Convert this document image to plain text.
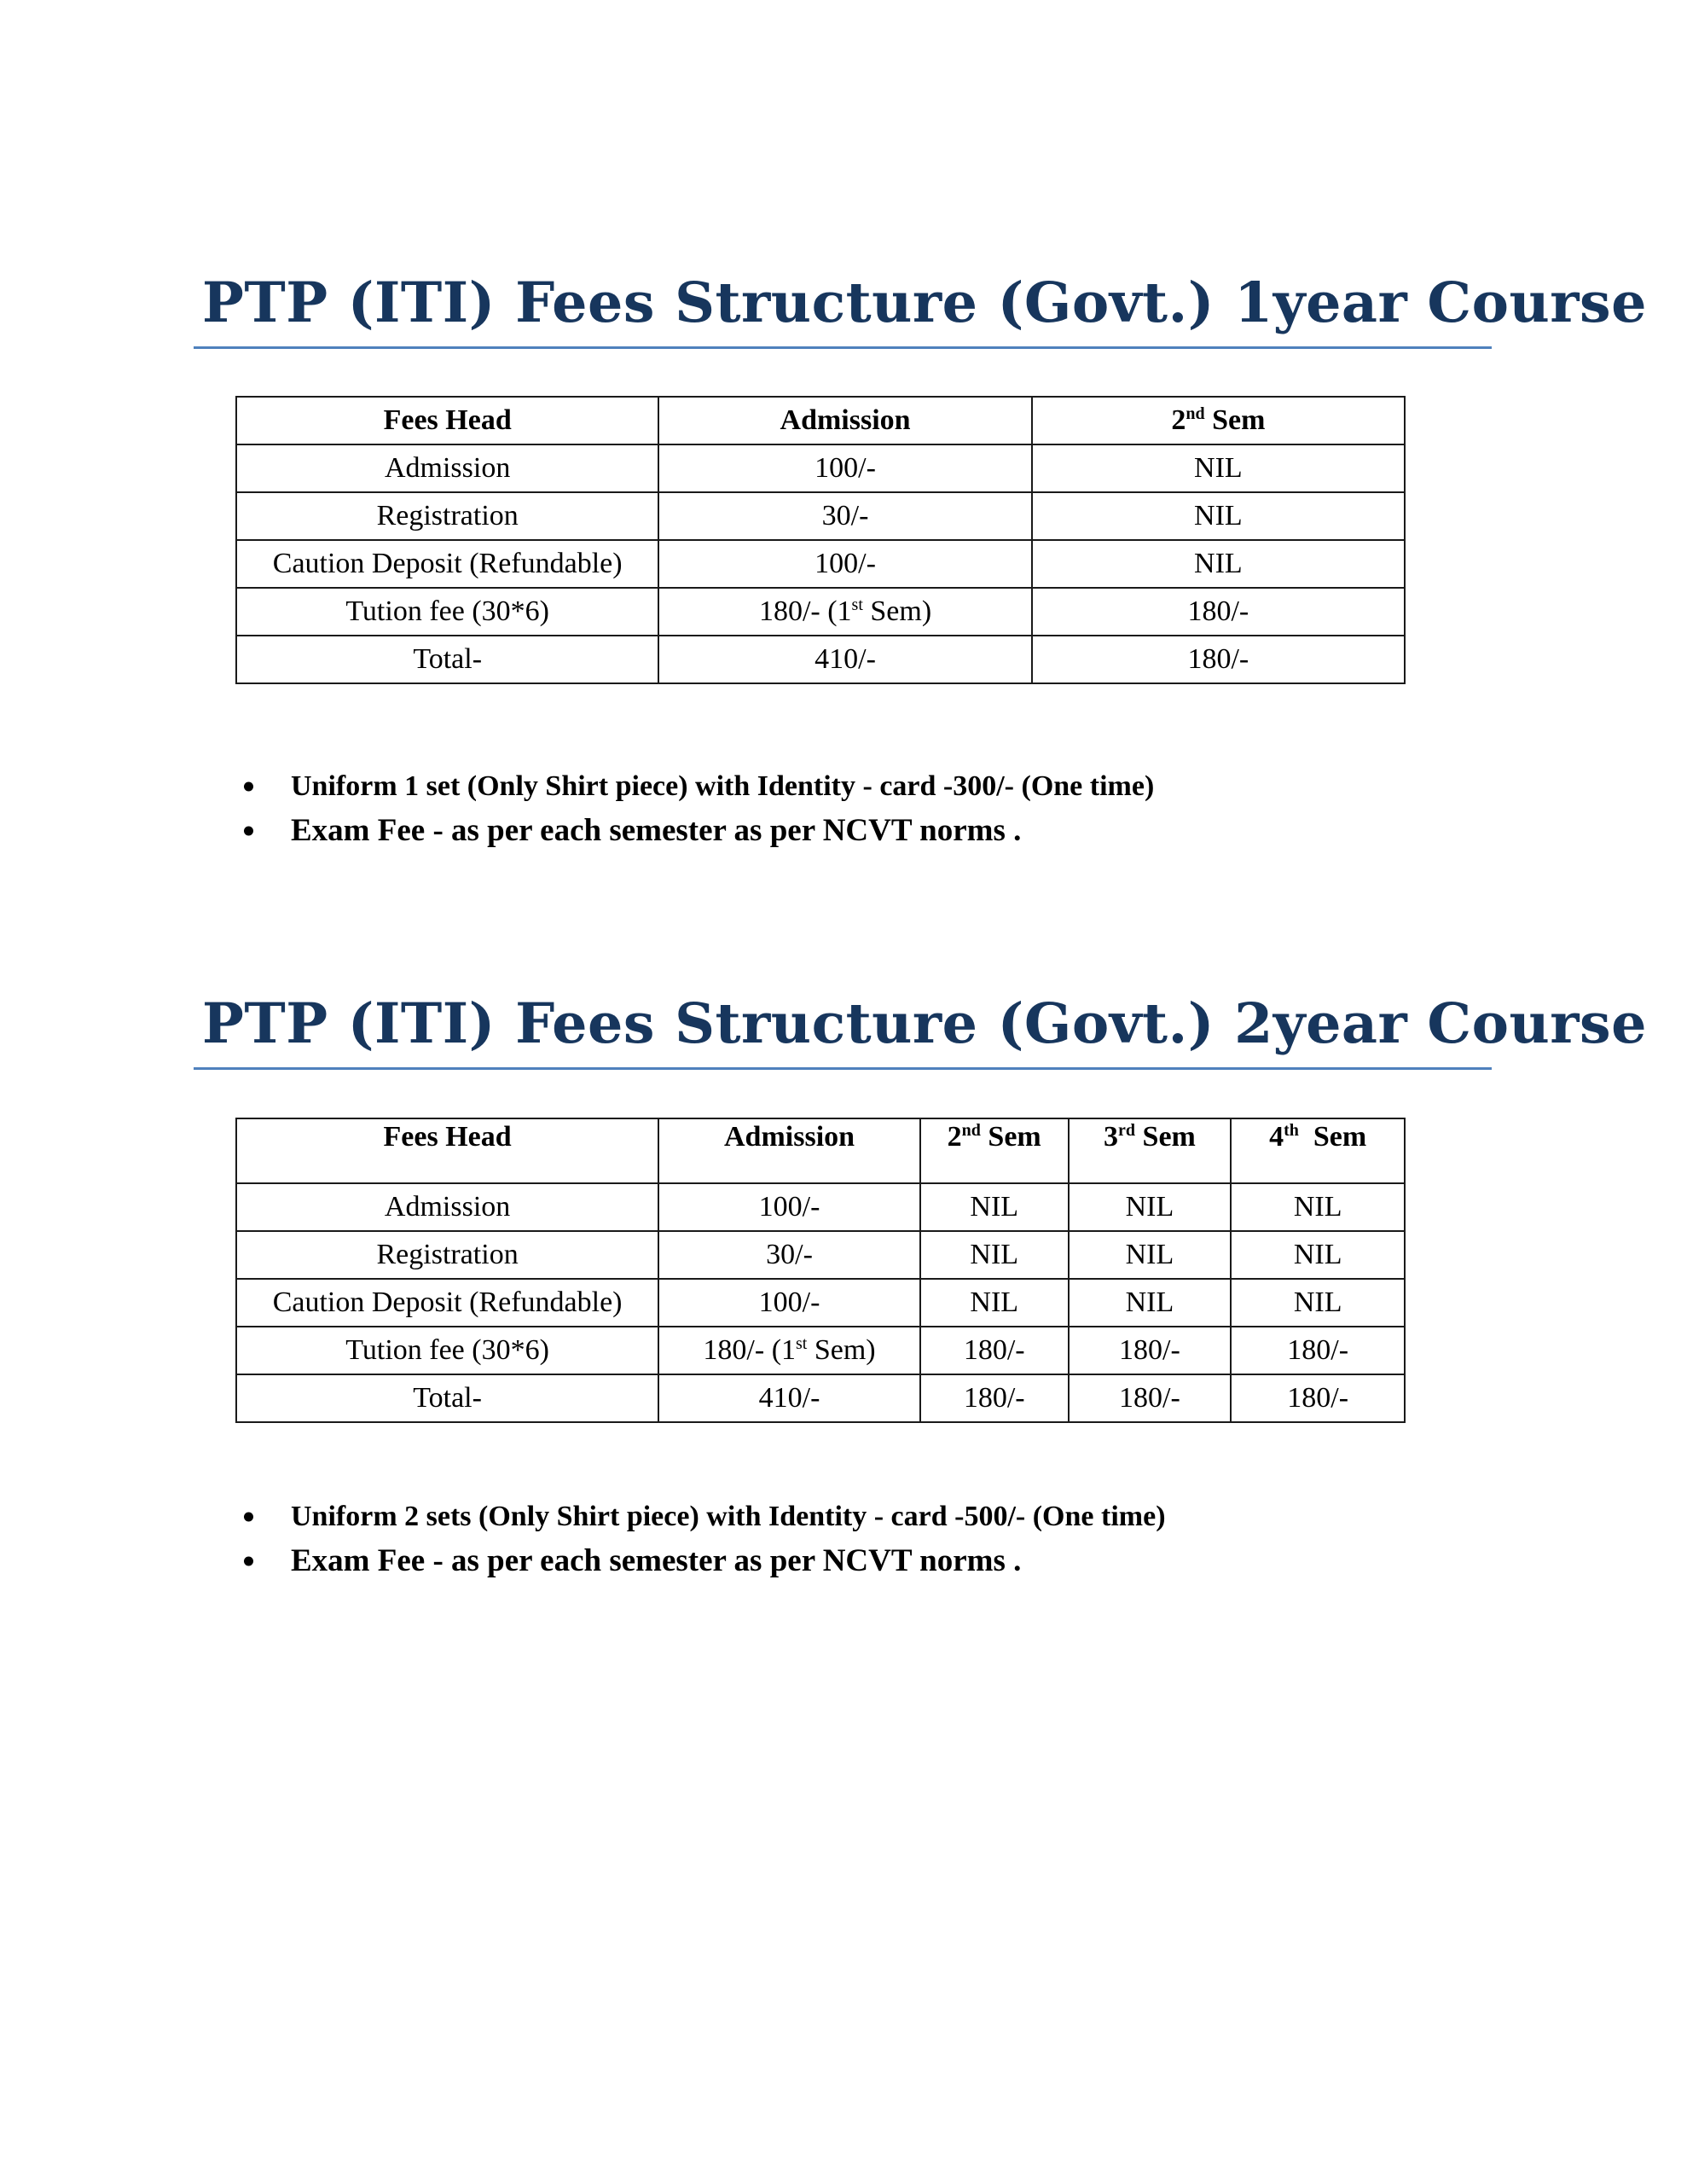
PTP (ITI) Fees Structure (Govt.) 1year Course
Fees Head	Admission	2nd Sem
Admission	100/-	NIL
Registration	30/-	NIL
Caution Deposit (Refundable)	100/-	NIL
Tution fee (30*6)	180/- (1st Sem)	180/-
Total-	410/-	180/-
Uniform 1 set (Only Shirt piece) with Identity - card -300/- (One time)
Exam Fee - as per each semester as per NCVT norms .
PTP (ITI) Fees Structure (Govt.) 2year Course
Fees Head	Admission	2nd Sem	3rd Sem	4th Sem
Admission	100/-	NIL	NIL	NIL
Registration	30/-	NIL	NIL	NIL
Caution Deposit (Refundable)	100/-	NIL	NIL	NIL
Tution fee (30*6)	180/- (1st Sem)	180/-	180/-	180/-
Total-	410/-	180/-	180/-	180/-
Uniform 2 sets (Only Shirt piece) with Identity - card -500/- (One time)
Exam Fee - as per each semester as per NCVT norms .
